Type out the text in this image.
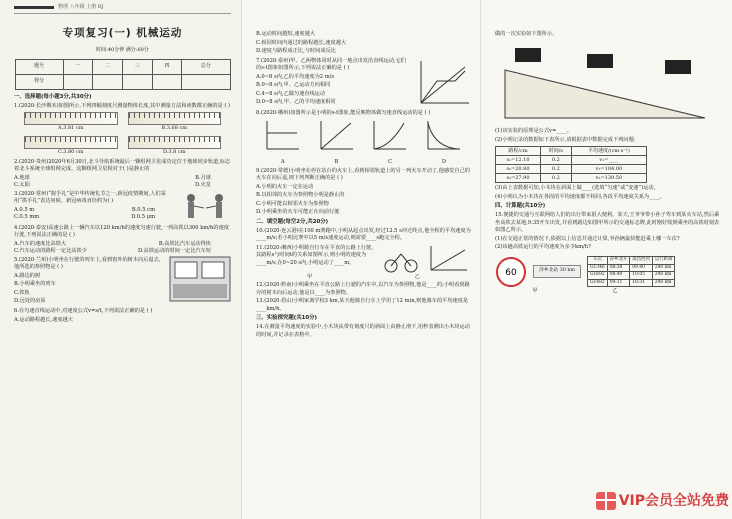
物理 八年级 上册 RJ
专项复习(一) 机械运动
时间:40分钟 满分:60分
题号	一	二	三	四	总分
得分					
一、选择题(每小题3分,共30分)
1.(2020·长沙期末)如图所示,下列四幅刻度尺测量物体长度,其中测量方法和读数都正确的是 ( )
A.3.81 cm	B.3.68 cm
C.3.80 cm	D.3.8 cm
2.(2020·贵州)2020年6月30日,北斗导航系统最后一颗组网卫星成功定位于地球同步轨道,标志着北斗系统全球组网完成。这颗组网卫星相对于( )是静止的
A.地球	B.月球
C.太阳	D.火星
3.(2020·常州)“握手礼”是中华传统礼节之一,新冠疫情期间,人们采用“拱手礼”表达问候。新冠病毒直径约为( )
A.0.5 m	B.0.5 cm
C.0.5 mm	D.0.5 μm
4.(2020·泰安)高速公路上一辆汽车以120 km/h的速度匀速行驶,一列高铁以300 km/h的速度行驶,下列说法正确的是 ( )
A.汽车的速度比高铁大	B.高铁比汽车运动得快
C.汽车运动的路程一定比高铁少	D.高铁运动的时间一定比汽车短
5.(2020·兰州)小明坐在行驶的列车上,看到窗外的树木向后退去,他所选的参照物是 ( )
A.路边的树
B.小明乘坐的列车
C.铁轨
D.远处的房屋
6.在匀速直线运动中,对速度公式v=s/t,下列说法正确的是 ( )
A.运动路程越长,速度越大
B.运动时间越短,速度越大
C.相同时间内通过的路程越长,速度越大
D.速度与路程成正比,与时间成反比
7.(2020·泰州)甲、乙两物体同时从同一地点出发沿直线运动,它们的s-t图象如图所示,下列说法正确的是 ( )
A.0~8 s内,乙的平均速度为2 m/s
B.0~8 s内,甲、乙运动方向相同
C.4~8 s内,乙做匀速直线运动
D.0~8 s内,甲、乙的平均速度相同
8.(2020·郴州)如图所示是小明的s-t图象,能反映物体做匀速直线运动的是 ( )
A	B	C	D
9.(2020·常德)小明坐在停在站台的火车上,看到相邻轨道上的另一列火车开动了,他感觉自己的火车在向后退,则下列判断正确的是 ( )
A.小明的火车一定在运动
B.以相邻的火车为参照物小明是静止的
C.小明可能以相邻火车为参照物
D.小明乘坐的火车可能正在向前行驶
二、填空题(每空2分,共20分)
10.(2020·连云港)在100 m赛跑中,小明从起点出发,经过12.5 s冲过终点,他全程的平均速度为____m/s;若小明比赛中以5 m/s速度运动,则需要____s跑完全程。
11.(2020·湘西)小明骑自行车在平直的公路上行驶,其路程s与时间t的关系如图所示,则小明的速度为____m/s,在0~20 s内,小明运动了____m。
甲	乙
12.(2020·黔南)小明乘坐在平直公路上行驶的汽车中,以汽车为参照物,他是____的;小明看到路旁的树木向后运动,他是以____为参照物。
13.(2020·眉山)小明家离学校3 km,某天他骑自行车上学用了12 min,则他骑车的平均速度是____km/h。
三、实验探究题(共10分)
14.在测量平均速度的实验中,小木块从带有刻度尺的斜面上由静止滑下,用秒表测出小木块运动的时间,并记录在表格中。
做的一次实验如下图所示。
(1)该实验的原理是公式v=____。
(2)小明记录的数据如下表所示,请根据表中数据完成下列问题:
路程/cm	时间/s	平均速度/(cm·s⁻¹)
s₁=12.10	0.2	v₁=____
s₂=20.80	0.2	v₂=104.00
s₃=27.90	0.2	v₃=139.50
(3)由上表数据可知,小木块在斜面上做____(选填“匀速”或“变速”)运动。
(4)小明认为小木块在各段的平均速度都不相同,各段平均速度关系为____。
四、计算题(共10分)
15.便捷的交通与互联网给人们的出行带来很大便利。某天,王爷爷带小孙子驾车到某火车站,然后乘坐高铁去某地,9:35开车出发,并看到路边如图甲所示的交通标志牌,此时刚好收到乘坐的高铁时刻表如图乙所示。
(1)在交通正常的情况下,依据以上信息并通过计算,爷孙俩最快能赶乘上哪一车次?
(2)该趟高铁运行的平均速度为多少km/h?
60	萍乡北站 30 km
车次	萍乡北开	南昌西到	运行距离
G1346	08:38	09:40	240 km
G1692	08:49	10:05	240 km
G1482	09:11	10:31	240 km
甲	乙
VIP会员全站免费
